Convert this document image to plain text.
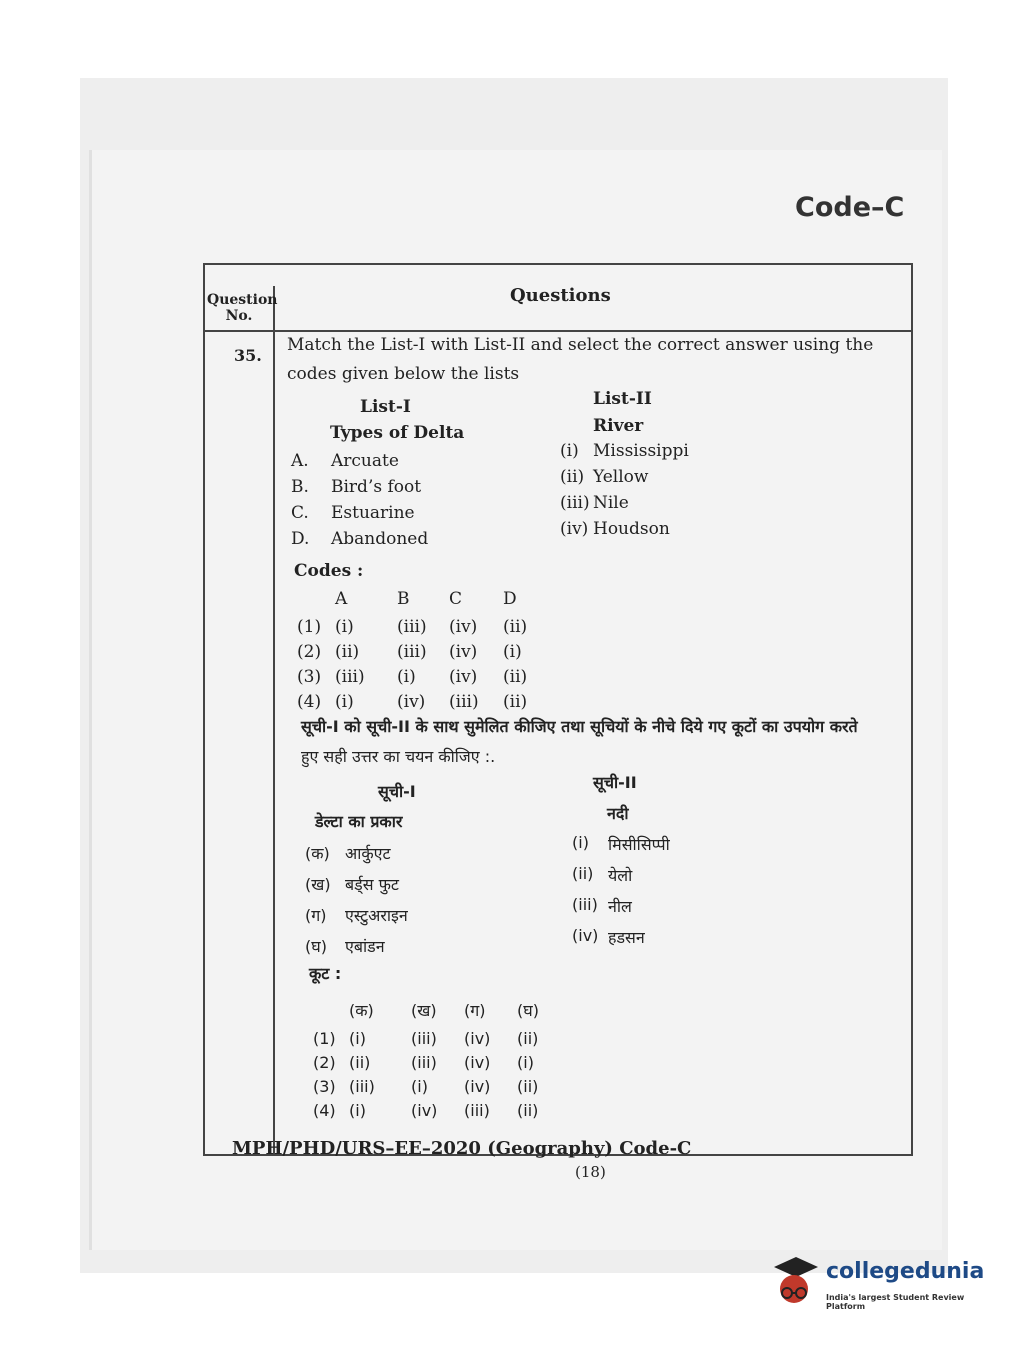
Code–C
Question
No.
Questions
35.
Match the List-I with List-II and select the correct answer using the
codes given below the lists
List-I
Types of Delta
List-II
River
A. Arcuate
B. Bird’s foot
C. Estuarine
D. Abandoned
(i) Mississippi
(ii) Yellow
(iii) Nile
(iv) Houdson
Codes :
A	B C D
(1) (i)	(iii) (iv) (ii)
(2) (ii) (iii) (iv) (i)
(3) (iii) (i) (iv) (ii)
(4) (i)	(iv) (iii) (ii)
सूची-I को सूची-II के साथ सुमेलित कीजिए तथा सूचियों के नीचे दिये गए कूटों का उपयोग करते
हुए सही उत्तर का चयन कीजिए :.
सूची-I
डेल्टा का प्रकार
सूची-II
नदी
(क) आर्कुएट
(ख) बर्ड्स फुट
(ग) एस्टुअराइन
(घ) एबांडन
(i) मिसीसिप्पी
(ii) येलो
(iii) नील
(iv) हडसन
कूट :
(क) (ख) (ग) (घ)
(1) (i)	(iii) (iv) (ii)
(2) (ii)	(iii) (iv) (i)
(3) (iii) (i) (iv) (ii)
(4) (i)	(iv) (iii) (ii)
MPH/PHD/URS–EE–2020 (Geography) Code-C
(18)
collegedunia
India's largest Student Review Platform
